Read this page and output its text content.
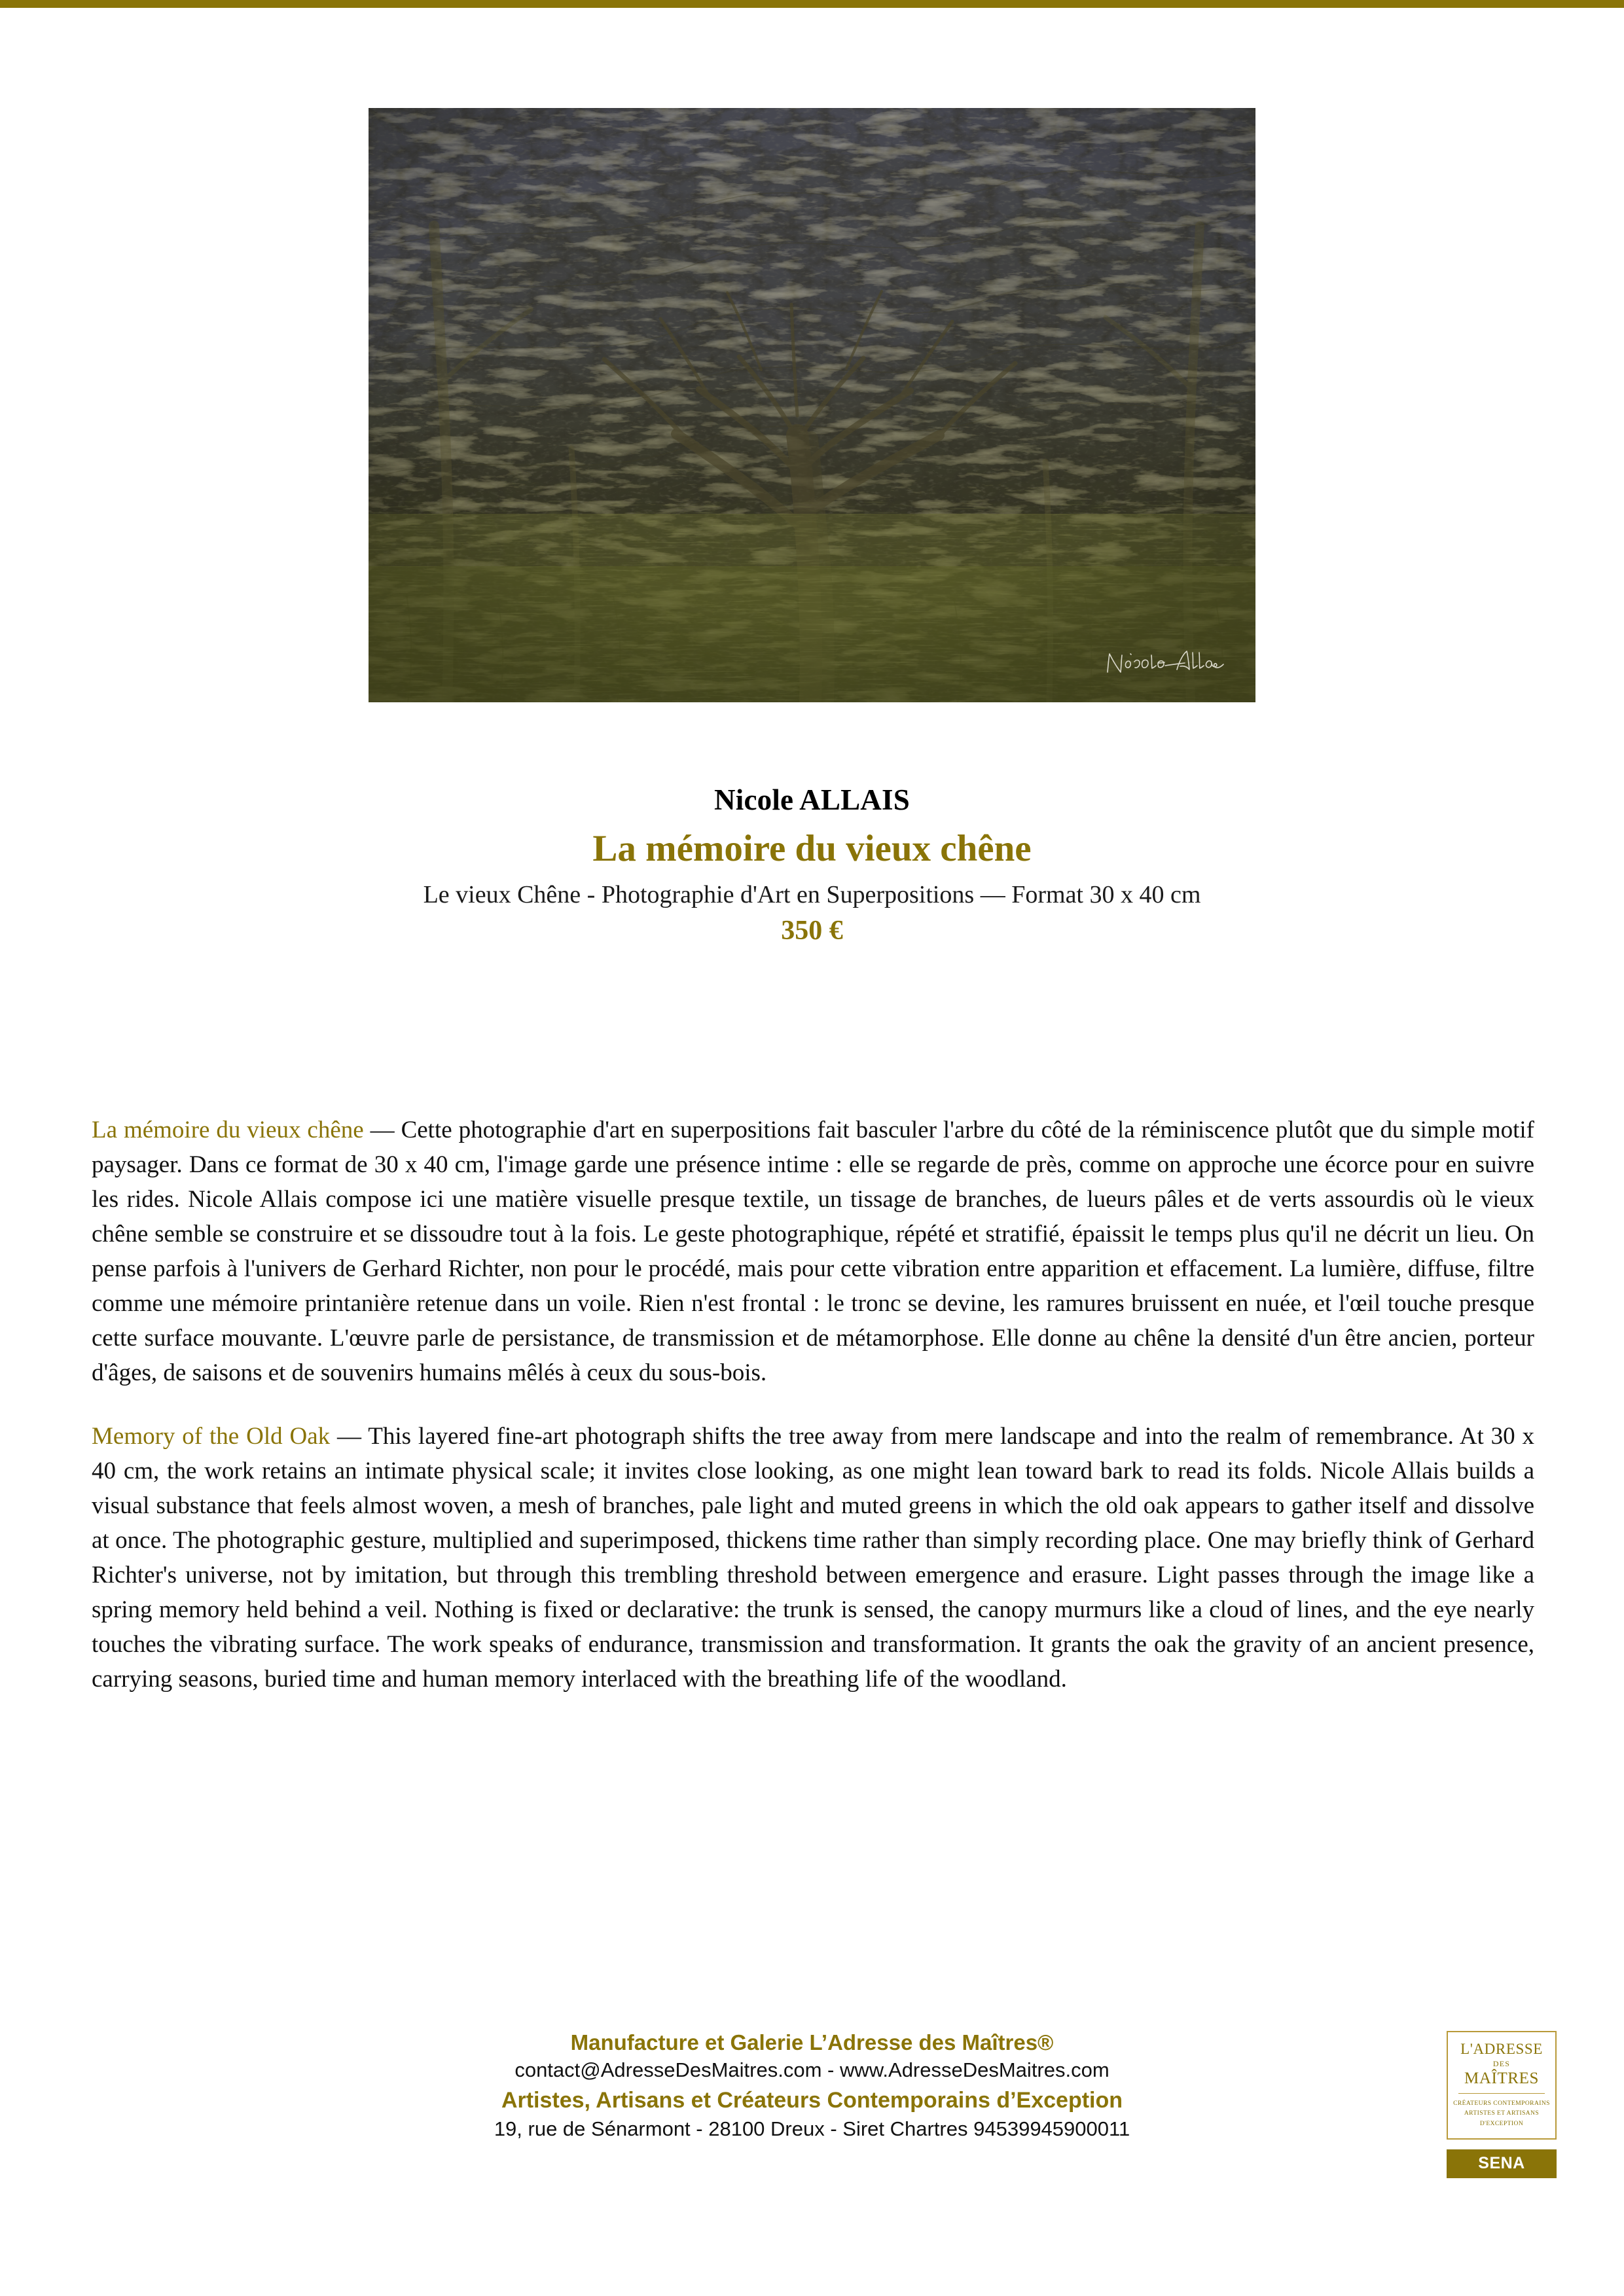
Nicole ALLAIS
La mémoire du vieux chêne
Le vieux Chêne - Photographie d'Art en Superpositions — Format 30 x 40 cm
350 €

La mémoire du vieux chêne — Cette photographie d'art en superpositions fait basculer l'arbre du côté de la réminiscence plutôt que du simple motif paysager. Dans ce format de 30 x 40 cm, l'image garde une présence intime : elle se regarde de près, comme on approche une écorce pour en suivre les rides. Nicole Allais compose ici une matière visuelle presque textile, un tissage de branches, de lueurs pâles et de verts assourdis où le vieux chêne semble se construire et se dissoudre tout à la fois. Le geste photographique, répété et stratifié, épaissit le temps plus qu'il ne décrit un lieu. On pense parfois à l'univers de Gerhard Richter, non pour le procédé, mais pour cette vibration entre apparition et effacement. La lumière, diffuse, filtre comme une mémoire printanière retenue dans un voile. Rien n'est frontal : le tronc se devine, les ramures bruissent en nuée, et l'œil touche presque cette surface mouvante. L'œuvre parle de persistance, de transmission et de métamorphose. Elle donne au chêne la densité d'un être ancien, porteur d'âges, de saisons et de souvenirs humains mêlés à ceux du sous-bois.

Memory of the Old Oak — This layered fine-art photograph shifts the tree away from mere landscape and into the realm of remembrance. At 30 x 40 cm, the work retains an intimate physical scale; it invites close looking, as one might lean toward bark to read its folds. Nicole Allais builds a visual substance that feels almost woven, a mesh of branches, pale light and muted greens in which the old oak appears to gather itself and dissolve at once. The photographic gesture, multiplied and superimposed, thickens time rather than simply recording place. One may briefly think of Gerhard Richter's universe, not by imitation, but through this trembling threshold between emergence and erasure. Light passes through the image like a spring memory held behind a veil. Nothing is fixed or declarative: the trunk is sensed, the canopy murmurs like a cloud of lines, and the eye nearly touches the vibrating surface. The work speaks of endurance, transmission and transformation. It grants the oak the gravity of an ancient presence, carrying seasons, buried time and human memory interlaced with the breathing life of the woodland.

Manufacture et Galerie L’Adresse des Maîtres®
contact@AdresseDesMaitres.com - www.AdresseDesMaitres.com
Artistes, Artisans et Créateurs Contemporains d’Exception
19, rue de Sénarmont - 28100 Dreux - Siret Chartres 94539945900011
L'ADRESSE
DES
MAÎTRES
CRÉATEURS CONTEMPORAINS
ARTISTES ET ARTISANS
D'EXCEPTION
SENA
